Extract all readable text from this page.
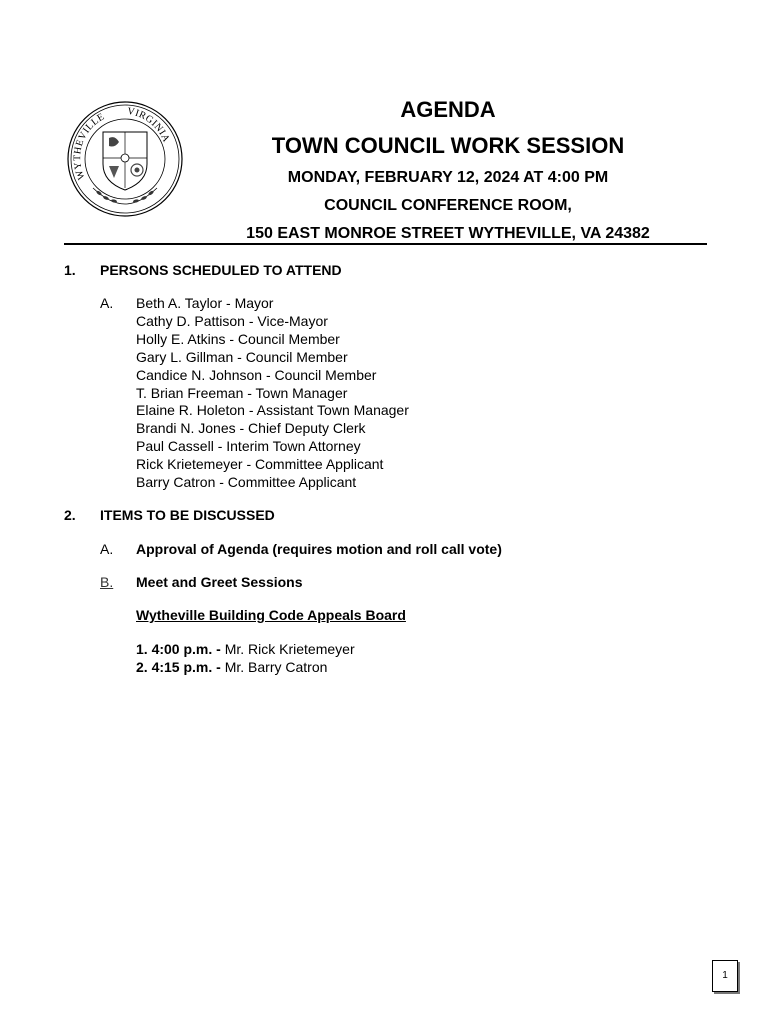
WYTHEVILLE VIRGINIA
AGENDA
TOWN COUNCIL WORK SESSION
MONDAY, FEBRUARY 12, 2024 AT 4:00 PM
COUNCIL CONFERENCE ROOM,
150 EAST MONROE STREET WYTHEVILLE, VA 24382
1. PERSONS SCHEDULED TO ATTEND
A. Beth A. Taylor - Mayor
Cathy D. Pattison - Vice-Mayor
Holly E. Atkins - Council Member
Gary L. Gillman - Council Member
Candice N. Johnson - Council Member
T. Brian Freeman - Town Manager
Elaine R. Holeton - Assistant Town Manager
Brandi N. Jones - Chief Deputy Clerk
Paul Cassell - Interim Town Attorney
Rick Krietemeyer - Committee Applicant
Barry Catron - Committee Applicant
2. ITEMS TO BE DISCUSSED
A. Approval of Agenda (requires motion and roll call vote)
B. Meet and Greet Sessions
Wytheville Building Code Appeals Board
1. 4:00 p.m. - Mr. Rick Krietemeyer
2. 4:15 p.m. - Mr. Barry Catron
1
